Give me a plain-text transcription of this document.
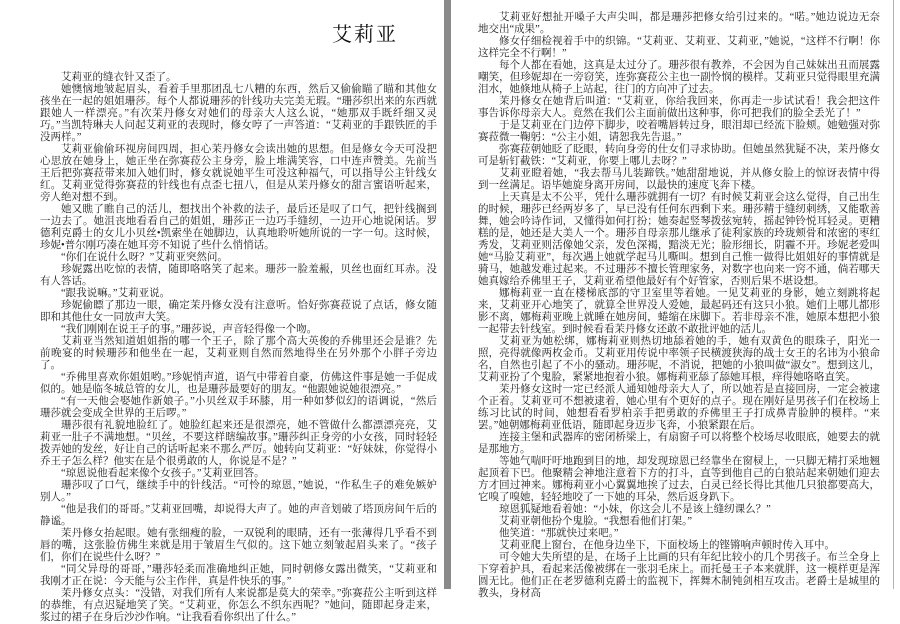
艾莉亚

艾莉亚的缝衣针又歪了。

她懊恼地皱起眉头，看着手里那团乱七八糟的东西，然后又偷偷瞄了瞄和其他女孩坐在一起的姐姐珊莎。每个人都说珊莎的针线功夫完美无瑕。“珊莎织出来的东西就跟她人一样漂亮。”有次茉丹修女对她们的母亲大人这么说，“她那双手既纤细又灵巧。”当凯特琳夫人问起艾莉亚的表现时，修女哼了一声答道：“艾莉亚的手跟铁匠的手没两样。”

艾莉亚偷偷环视房间四周，担心茉丹修女会读出她的思想。但是修女今天可没把心思放在她身上，她正坐在弥赛菈公主身旁，脸上堆满笑容，口中连声赞美。先前当王后把弥赛菈带来加入她们时，修女就说她平生可没这种福气，可以指导公主针线女红。艾莉亚觉得弥赛菈的针线也有点歪七扭八，但是从茉丹修女的甜言蜜语听起来，旁人绝对想不到。

她又瞧了瞧自己的活儿，想找出个补救的法子，最后还是叹了口气，把针线搁到一边去了。她沮丧地看看自己的姐姐，珊莎正一边巧手缝纫，一边开心地说闲话。罗德利克爵士的女儿小贝丝•凯索坐在她脚边，认真地聆听她所说的一字一句。这时候，珍妮•普尔刚巧凑在她耳旁不知说了些什么悄悄话。

“你们在说什么呀？”艾莉亚突然问。

珍妮露出吃惊的表情，随即咯咯笑了起来。珊莎一脸羞赧，贝丝也面红耳赤。没有人答话。

“跟我说嘛。”艾莉亚说。

珍妮偷瞟了那边一眼，确定茉丹修女没有注意听。恰好弥赛菈说了点话，修女随即和其他仕女一同放声大笑。

“我们刚刚在说王子的事。”珊莎说，声音轻得像一个吻。

艾莉亚当然知道姐姐指的哪一个王子，除了那个高大英俊的乔佛里还会是谁？先前晚宴的时候珊莎和他坐在一起，艾莉亚则自然而然地得坐在另外那个小胖子旁边了。

“乔佛里喜欢你姐姐哟。”珍妮悄声道，语气中带着自豪，仿佛这件事是她一手促成似的。她是临冬城总管的女儿，也是珊莎最要好的朋友。“他跟她说她很漂亮。”

“有一天他会娶她作新娘子。”小贝丝双手环膝，用一种如梦似幻的语调说，“然后珊莎就会变成全世界的王后啰。”

珊莎很有礼貌地脸红了。她脸红起来还是很漂亮，她不管做什么都漂漂亮亮，艾莉亚一肚子不满地想。“贝丝，不要这样瞎编故事。”珊莎纠正身旁的小女孩，同时轻轻拨弄她的发丝，好让自己的话听起来不那么严厉。她转向艾莉亚：“好妹妹，你觉得小乔王子怎么样？他实在是个很勇敢的人，你说是不是？”

“琼恩说他看起来像个女孩子。”艾莉亚回答。

珊莎叹了口气，继续手中的针线活。“可怜的琼恩，”她说，“作私生子的难免嫉妒别人。”

“他是我们的哥哥。”艾莉亚回嘴，却说得大声了。她的声音划破了塔顶房间午后的静谧。

茉丹修女抬起眼。她有张细瘦的脸，一双锐利的眼睛，还有一张薄得几乎看不到唇的嘴，这张脸仿佛生来就是用于皱眉生气似的。这下她立刻皱起眉头来了。“孩子们，你们在说些什么呀？”

“同父异母的哥哥，”珊莎轻柔而准确地纠正她，同时朝修女露出微笑，“艾莉亚和我刚才正在说：今天能与公主作伴，真是件快乐的事。”

茉丹修女点头：“没错，对我们所有人来说都是莫大的荣幸。”弥赛菈公主听到这样的恭维，有点迟疑地笑了笑。“艾莉亚，你怎么不织东西呢？”她问，随即起身走来，浆过的裙子在身后沙沙作响。“让我看看你织出了什么。”

艾莉亚好想扯开嗓子大声尖叫，都是珊莎把修女给引过来的。“喏。”她边说边无奈地交出“成果”。

修女仔细检视着手中的织锦。“艾莉亚、艾莉亚、艾莉亚，”她说，“这样不行啊！你这样完全不行啊！”

每个人都在看她，这真是太过分了。珊莎很有教养，不会因为自己妹妹出丑而展露嘲笑，但珍妮却在一旁窃笑，连弥赛菈公主也一副怜悯的模样。艾莉亚只觉得眼里充满泪水，她倏地从椅子上站起，往门的方向冲了过去。

茉丹修女在她背后叫道：“艾莉亚，你给我回来，你再走一步试试看！我会把这件事告诉你母亲大人。竟然在我们公主面前做出这种事，你可把我们的脸全丢光了！”

于是艾莉亚在门边停下脚步，咬着嘴唇转过身，眼泪却已经流下脸颊。她勉强对弥赛菈微一鞠躬：“公主小姐，请恕我先告退。”

弥赛菈朝她眨了眨眼，转向身旁的仕女们寻求协助。但她虽然犹疑不决，茉丹修女可是斩钉截铁：“艾莉亚，你要上哪儿去呀？”

艾莉亚瞪着她，“我去帮马儿装蹄铁。”她甜甜地说，并从修女脸上的惊讶表情中得到一丝满足。语毕她旋身离开房间，以最快的速度飞奔下楼。

上天真是太不公平，凭什么珊莎就拥有一切？有时候艾莉亚会这么觉得，自己出生的时候，珊莎已经两岁多了，早已没有任何东西剩下来。珊莎精于缝纫刺绣，又能歌善舞，她会吟诗作词，又懂得如何打扮；她奏起竖琴拨弦宛转，摇起钟铃悦耳轻灵。更糟糕的是，她还是大美人一个。珊莎自母亲那儿继承了徒利家族的玲珑颊骨和浓密的枣红秀发，艾莉亚则活像她父亲，发色深褐，黯淡无光；脸形细长，阴霾不开。珍妮老爱叫她“马脸艾莉亚”，每次遇上她就学起马儿嘶叫。想到自己惟一做得比姐姐好的事情就是骑马，她越发难过起来。不过珊莎不擅长管理家务，对数字也向来一窍不通，倘若哪天她真嫁给乔佛里王子，艾莉亚希望他最好有个好管家，否则后果不堪设想。

娜梅莉亚一直在楼梯底部的守卫室里等着她。一见艾莉亚的身影，她立刻跳将起来，艾莉亚开心地笑了，就算全世界没人爱她，最起码还有这只小狼。她们上哪儿都形影不离，娜梅莉亚晚上就睡在她房间，蜷缩在床脚下。若非母亲不准，她原本想把小狼一起带去针线室。到时候看看茉丹修女还敢不敢批评她的活儿。

艾莉亚为她松绑，娜梅莉亚则热切地舔着她的手，她有双黄色的眼珠子，阳光一照，亮得就像两枚金币。艾莉亚用传说中率领子民横渡狭海的战士女王的名讳为小狼命名，自然也引起了不小的骚动。珊莎呢，不消说，把她的小狼叫做“淑女”。想到这儿，艾莉亚扮了个鬼脸，紧紧地抱着小狼。娜梅莉亚舔了舔她耳根，痒得她咯咯直笑。

茉丹修女这时一定已经派人通知她母亲大人了，所以她若是直接回房，一定会被逮个正着。艾莉亚可不想被逮着，她心里有个更好的点子。现在刚好是男孩子们在校场上练习比试的时间，她想看看罗柏亲手把勇敢的乔佛里王子打成鼻青脸肿的模样。“来罢。”她朝娜梅莉亚低语，随即起身迈步飞奔，小狼紧跟在后。

连接主堡和武器库的密闭桥梁上，有扇窗子可以将整个校场尽收眼底，她要去的就是那地方。

等她气喘吁吁地跑到目的地，却发现琼恩已经靠坐在窗棂上，一只脚无精打采地翘起顶着下巴。他聚精会神地注意着下方的打斗，直等到他自己的白狼站起来朝她们迎去方才回过神来。娜梅莉亚小心翼翼地挨了过去，白灵已经长得比其他几只狼都要高大，它嗅了嗅她，轻轻地咬了一下她的耳朵，然后返身趴下。

琼恩狐疑地看着她：“小妹，你这会儿不是该上缝纫课么？”

艾莉亚朝他扮个鬼脸。“我想看他们打架。”

他笑道：“那就快过来吧。”

艾莉亚爬上窗台，在他身边坐下，下面校场上的铿锵响声顿时传入耳中。

可令她大失所望的是，在场子上比画的只有年纪比较小的几个男孩子。布兰全身上下穿着护具，看起来活像被绑在一张羽毛床上。而托曼王子本来就胖，这一模样更是浑圆无比。他们正在老罗德利克爵士的监视下，挥舞木制钝剑相互攻击。老爵士是城里的教头，身材高
